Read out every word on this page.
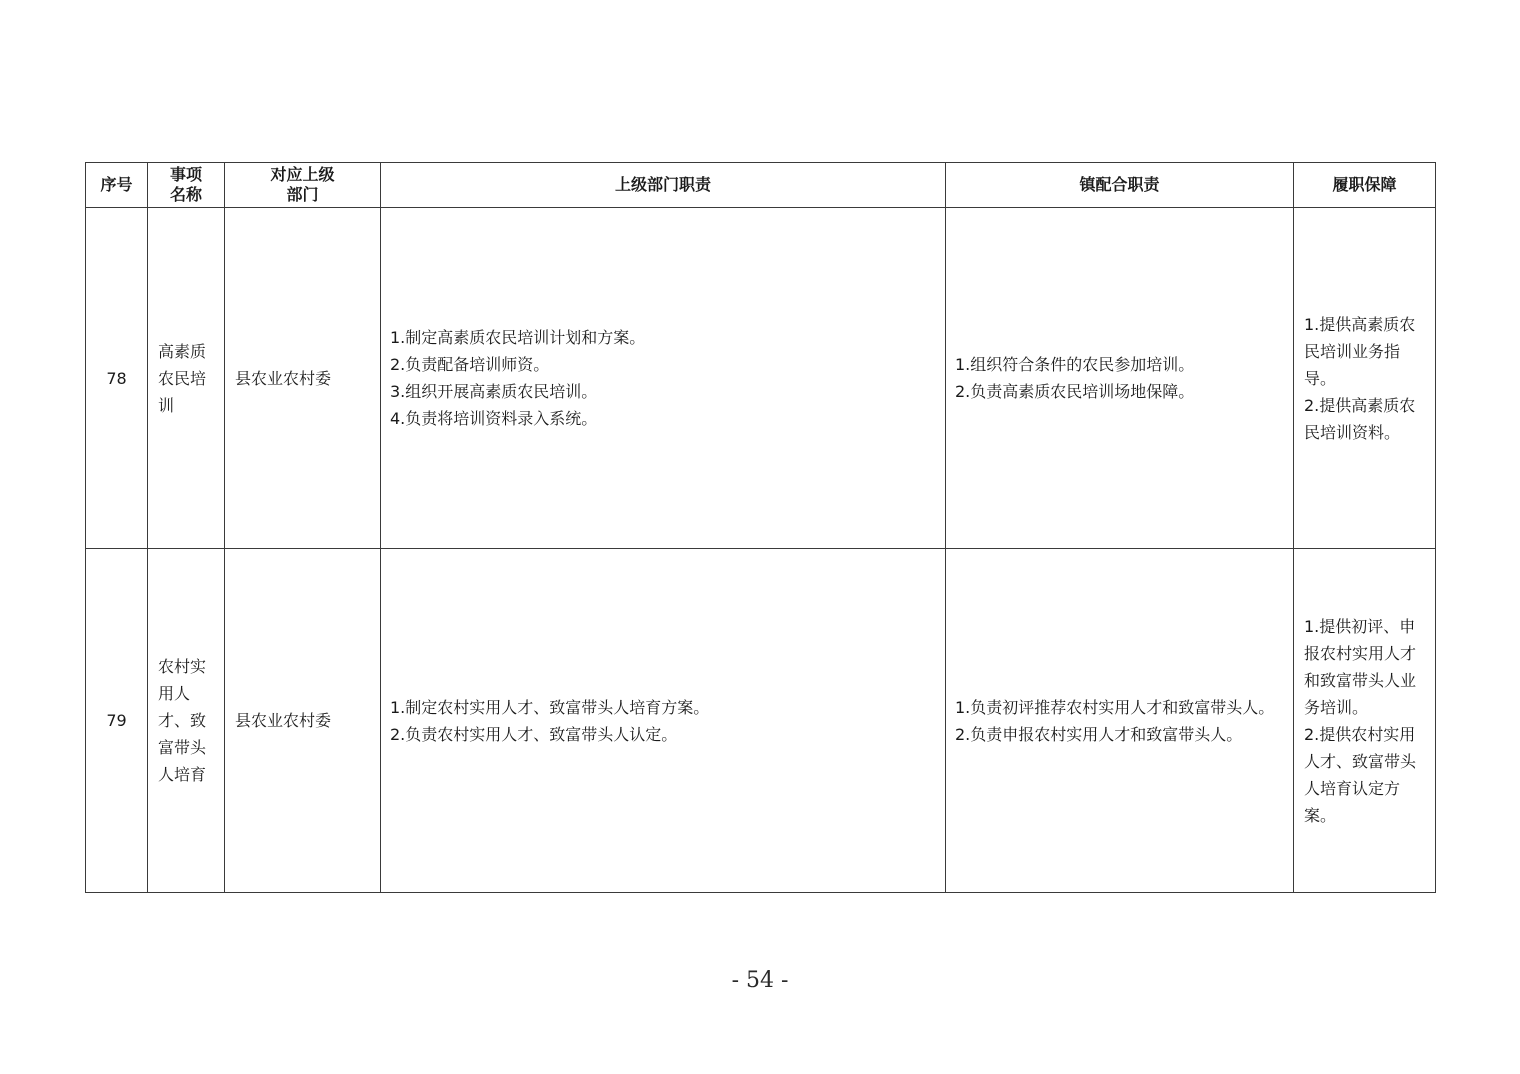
序号	事项名称	对应上级部门	上级部门职责	镇配合职责	履职保障
78	高素质农民培训	县农业农村委	1.制定高素质农民培训计划和方案。
2.负责配备培训师资。
3.组织开展高素质农民培训。
4.负责将培训资料录入系统。	1.组织符合条件的农民参加培训。
2.负责高素质农民培训场地保障。	1.提供高素质农民培训业务指导。
2.提供高素质农民培训资料。

79	农村实用人才、致富带头人培育	县农业农村委	1.制定农村实用人才、致富带头人培育方案。
2.负责农村实用人才、致富带头人认定。	1.负责初评推荐农村实用人才和致富带头人。
2.负责申报农村实用人才和致富带头人。	1.提供初评、申报农村实用人才和致富带头人业务培训。
2.提供农村实用人才、致富带头人培育认定方案。
- 54 -
